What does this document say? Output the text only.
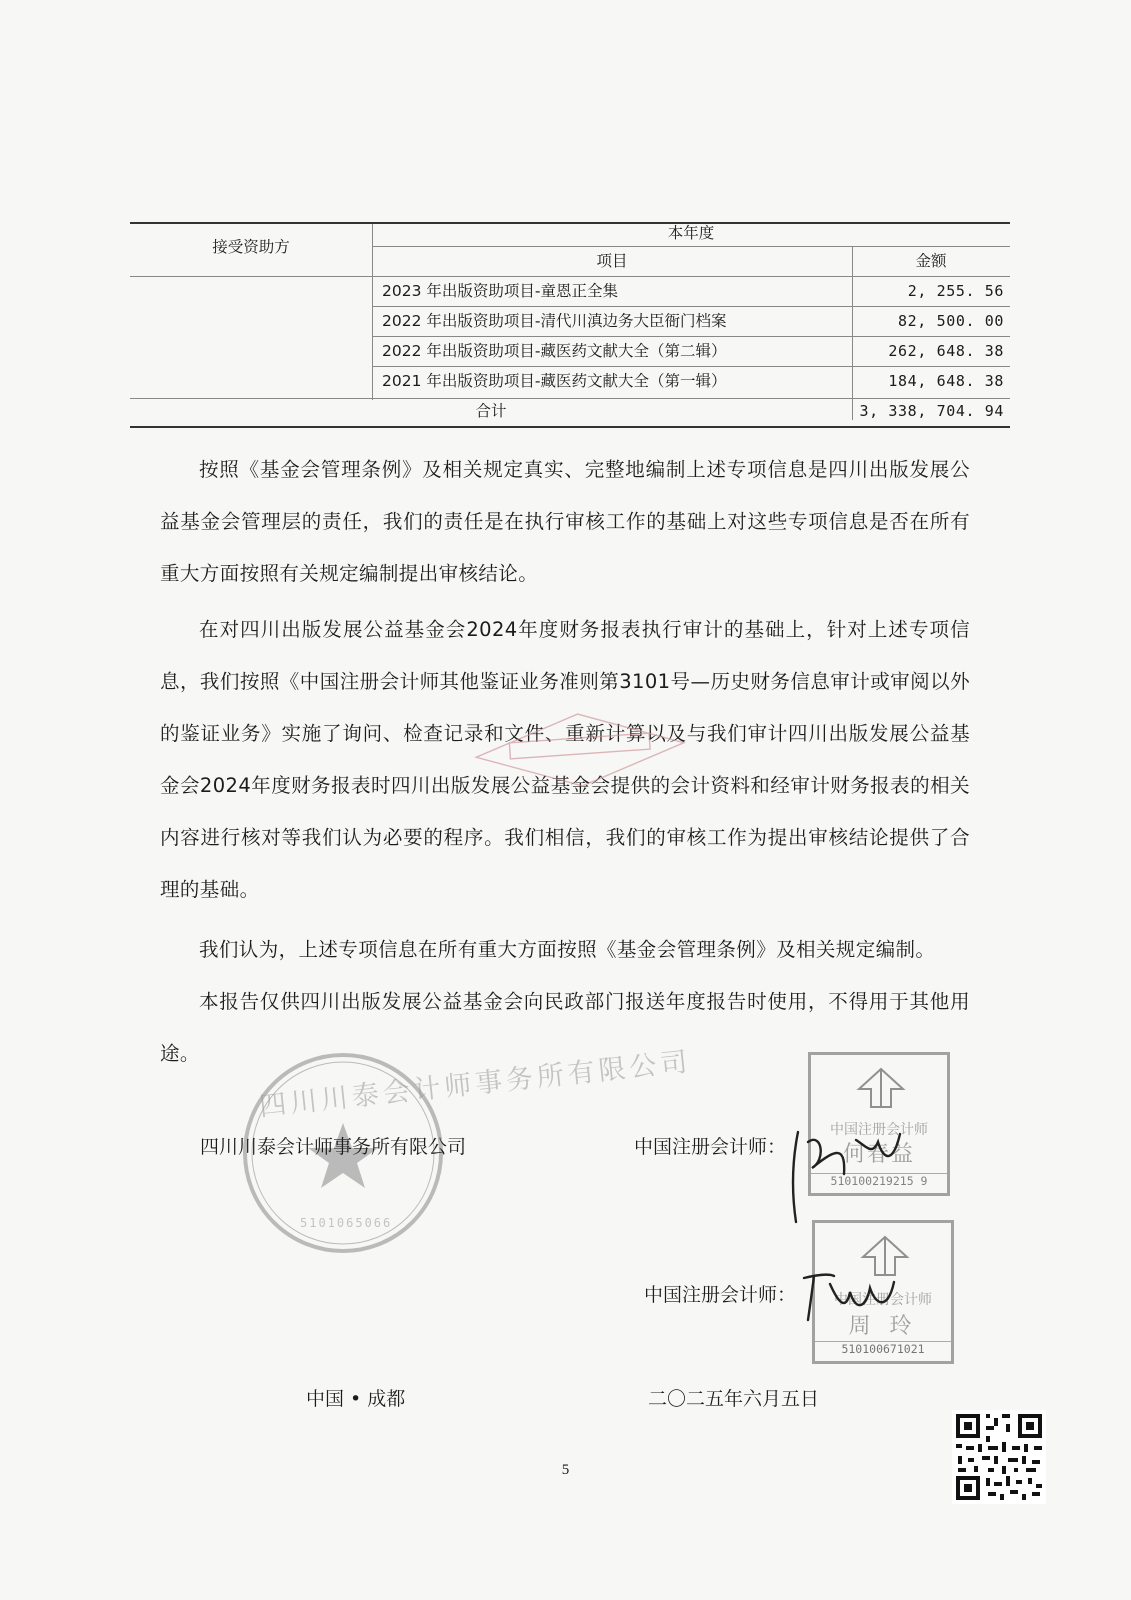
接受资助方
本年度
项目	金额
2023 年出版资助项目-童恩正全集	2, 255. 56
2022 年出版资助项目-清代川滇边务大臣衙门档案	82, 500. 00
2022 年出版资助项目-藏医药文献大全（第二辑）	262, 648. 38
2021 年出版资助项目-藏医药文献大全（第一辑）	184, 648. 38
合计	3, 338, 704. 94
按照《基金会管理条例》及相关规定真实、完整地编制上述专项信息是四川出版发展公益基金会管理层的责任，我们的责任是在执行审核工作的基础上对这些专项信息是否在所有重大方面按照有关规定编制提出审核结论。
在对四川出版发展公益基金会2024年度财务报表执行审计的基础上，针对上述专项信息，我们按照《中国注册会计师其他鉴证业务准则第3101号—历史财务信息审计或审阅以外的鉴证业务》实施了询问、检查记录和文件、重新计算以及与我们审计四川出版发展公益基金会2024年度财务报表时四川出版发展公益基金会提供的会计资料和经审计财务报表的相关内容进行核对等我们认为必要的程序。我们相信，我们的审核工作为提出审核结论提供了合理的基础。
我们认为，上述专项信息在所有重大方面按照《基金会管理条例》及相关规定编制。
本报告仅供四川出版发展公益基金会向民政部门报送年度报告时使用，不得用于其他用途。	四川川泰会计师事务所有限公司
5101065066
四川川泰会计师事务所有限公司	中国注册会计师：
中国注册会计师
何春益
510100219215 9
中国注册会计师：	中国注册会计师
周 玲
510100671021
中国 • 成都	二〇二五年六月五日
5
